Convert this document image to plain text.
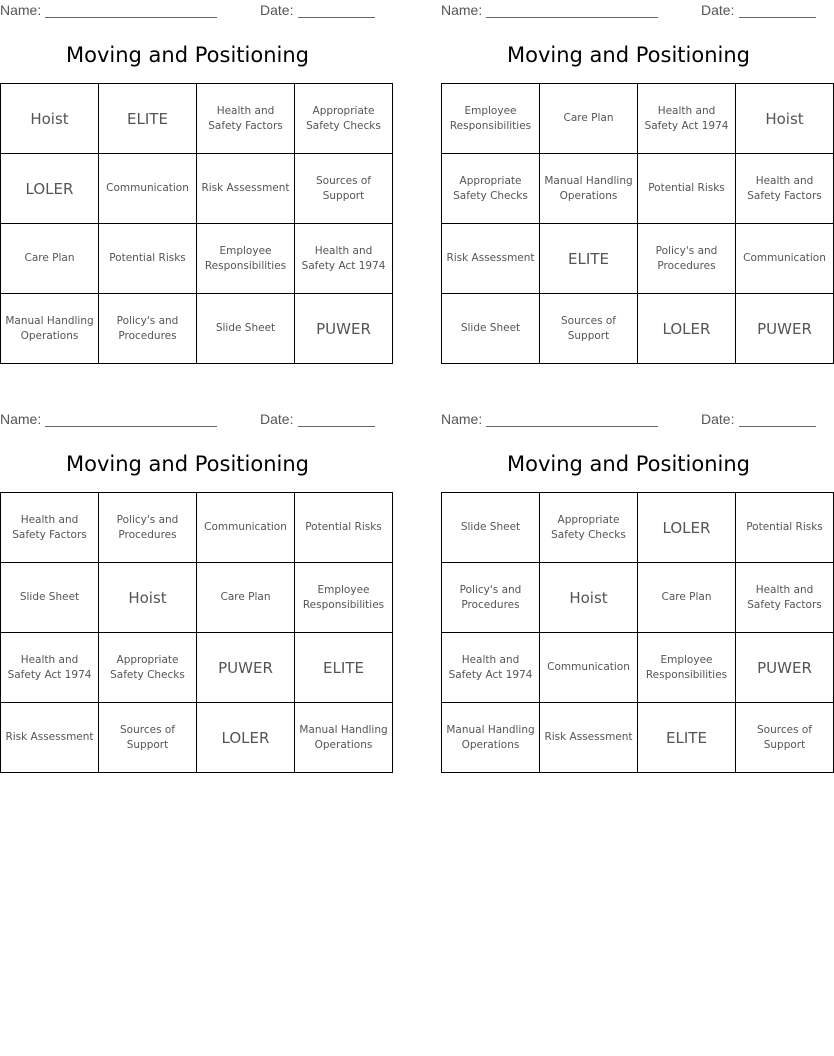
Name:	Date:
Moving and Positioning
Hoist	ELITE	Health and Safety Factors	Appropriate Safety Checks
LOLER	Communication	Risk Assessment	Sources of Support
Care Plan	Potential Risks	Employee Responsibilities	Health and Safety Act 1974
Manual Handling Operations	Policy's and Procedures	Slide Sheet	PUWER
Name:	Date:
Moving and Positioning
Employee Responsibilities	Care Plan	Health and Safety Act 1974	Hoist
Appropriate Safety Checks	Manual Handling Operations	Potential Risks	Health and Safety Factors
Risk Assessment	ELITE	Policy's and Procedures	Communication
Slide Sheet	Sources of Support	LOLER	PUWER
Name:	Date:
Moving and Positioning
Health and Safety Factors	Policy's and Procedures	Communication	Potential Risks
Slide Sheet	Hoist	Care Plan	Employee Responsibilities
Health and Safety Act 1974	Appropriate Safety Checks	PUWER	ELITE
Risk Assessment	Sources of Support	LOLER	Manual Handling Operations
Name:	Date:
Moving and Positioning
Slide Sheet	Appropriate Safety Checks	LOLER	Potential Risks
Policy's and Procedures	Hoist	Care Plan	Health and Safety Factors
Health and Safety Act 1974	Communication	Employee Responsibilities	PUWER
Manual Handling Operations	Risk Assessment	ELITE	Sources of Support
